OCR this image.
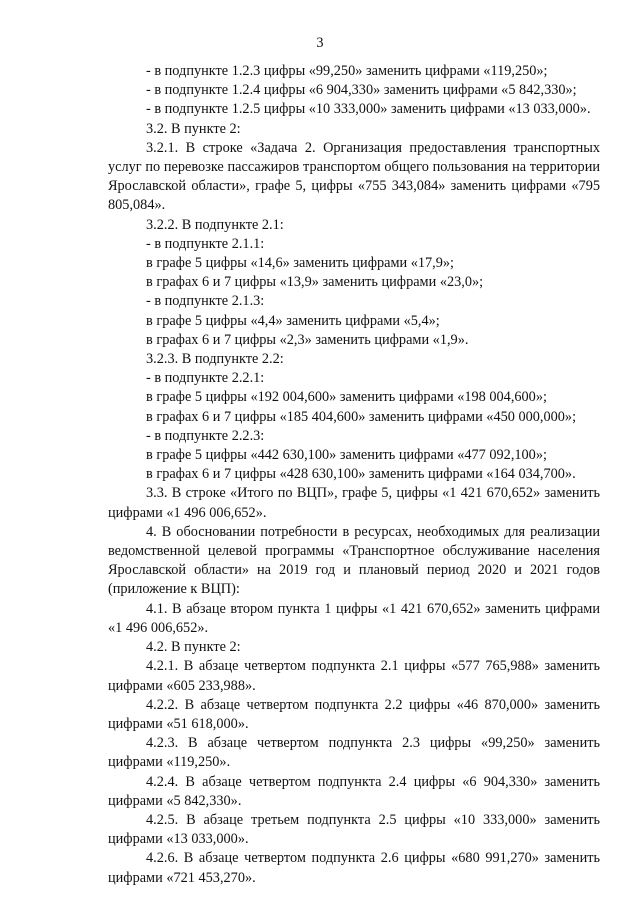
3

- в подпункте 1.2.3 цифры «99,250» заменить цифрами «119,250»;

- в подпункте 1.2.4 цифры «6 904,330» заменить цифрами «5 842,330»;

- в подпункте 1.2.5 цифры «10 333,000» заменить цифрами «13 033,000».

3.2. В пункте 2:

3.2.1. В строке «Задача 2. Организация предоставления транспортных услуг по перевозке пассажиров транспортом общего пользования на территории Ярославской области», графе 5, цифры «755 343,084» заменить цифрами «795 805,084».

3.2.2. В подпункте 2.1:

- в подпункте 2.1.1:

в графе 5 цифры «14,6» заменить цифрами «17,9»;

в графах 6 и 7 цифры «13,9» заменить цифрами «23,0»;

- в подпункте 2.1.3:

в графе 5 цифры «4,4» заменить цифрами «5,4»;

в графах 6 и 7 цифры «2,3» заменить цифрами «1,9».

3.2.3. В подпункте 2.2:

- в подпункте 2.2.1:

в графе 5 цифры «192 004,600» заменить цифрами «198 004,600»;

в графах 6 и 7 цифры «185 404,600» заменить цифрами «450 000,000»;

- в подпункте 2.2.3:

в графе 5 цифры «442 630,100» заменить цифрами «477 092,100»;

в графах 6 и 7 цифры «428 630,100» заменить цифрами «164 034,700».

3.3. В строке «Итого по ВЦП», графе 5, цифры «1 421 670,652» заменить цифрами «1 496 006,652».

4. В обосновании потребности в ресурсах, необходимых для реализации ведомственной целевой программы «Транспортное обслуживание населения Ярославской области» на 2019 год и плановый период 2020 и 2021 годов (приложение к ВЦП):

4.1. В абзаце втором пункта 1 цифры «1 421 670,652» заменить цифрами «1 496 006,652».

4.2. В пункте 2:

4.2.1. В абзаце четвертом подпункта 2.1 цифры «577 765,988» заменить цифрами «605 233,988».

4.2.2. В абзаце четвертом подпункта 2.2 цифры «46 870,000» заменить цифрами «51 618,000».

4.2.3. В абзаце четвертом подпункта 2.3 цифры «99,250» заменить цифрами «119,250».

4.2.4. В абзаце четвертом подпункта 2.4 цифры «6 904,330» заменить цифрами «5 842,330».

4.2.5. В абзаце третьем подпункта 2.5 цифры «10 333,000» заменить цифрами «13 033,000».

4.2.6. В абзаце четвертом подпункта 2.6 цифры «680 991,270» заменить цифрами «721 453,270».
